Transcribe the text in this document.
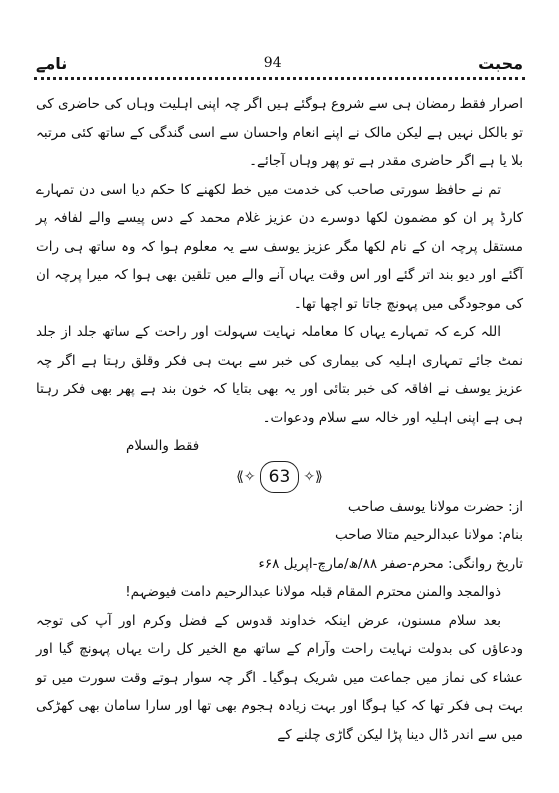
نامے	94	محبت

اصرار فقط رمضان ہی سے شروع ہوگئے ہیں اگر چہ اپنی اہلیت وہاں کی حاضری کی تو بالکل نہیں ہے لیکن مالک نے اپنے انعام واحسان سے اسی گندگی کے ساتھ کئی مرتبہ بلا یا ہے اگر حاضری مقدر ہے تو پھر وہاں آجائے۔

تم نے حافظ سورتی صاحب کی خدمت میں خط لکھنے کا حکم دیا اسی دن تمہارے کارڈ پر ان کو مضمون لکھا دوسرے دن عزیز غلام محمد کے دس پیسے والے لفافہ پر مستقل پرچہ ان کے نام لکھا مگر عزیز یوسف سے یہ معلوم ہوا کہ وہ ساتھ ہی رات آگئے اور دیو بند اتر گئے اور اس وقت یہاں آنے والے میں تلقین بھی ہوا کہ میرا پرچہ ان کی موجودگی میں پہونچ جاتا تو اچھا تھا۔

اللہ کرے کہ تمہارے یہاں کا معاملہ نہایت سہولت اور راحت کے ساتھ جلد از جلد نمٹ جائے تمہاری اہلیہ کی بیماری کی خبر سے بہت ہی فکر وقلق رہتا ہے اگر چہ عزیز یوسف نے افاقہ کی خبر بتائی اور یہ بھی بتایا کہ خون بند ہے پھر بھی فکر رہتا ہی ہے اپنی اہلیہ اور خالہ سے سلام ودعوات۔

فقط والسلام

⟪✧ 63 ✧⟫

از: حضرت مولانا یوسف صاحب

بنام: مولانا عبدالرحیم متالا صاحب

تاریخ روانگی: محرم-صفر ۸۸/ھ/مارچ-اپریل ۶۸ء

ذوالمجد والمنن محترم المقام قبلہ مولانا عبدالرحیم دامت فیوضہم!

بعد سلام مسنون، عرض اینکہ خداوند قدوس کے فضل وکرم اور آپ کی توجہ ودعاؤں کی بدولت نہایت راحت وآرام کے ساتھ مع الخیر کل رات یہاں پہونچ گیا اور عشاء کی نماز میں جماعت میں شریک ہوگیا۔ اگر چہ سوار ہوتے وقت سورت میں تو بہت ہی فکر تھا کہ کیا ہوگا اور بہت زیادہ ہجوم بھی تھا اور سارا سامان بھی کھڑکی میں سے اندر ڈال دینا پڑا لیکن گاڑی چلنے کے
